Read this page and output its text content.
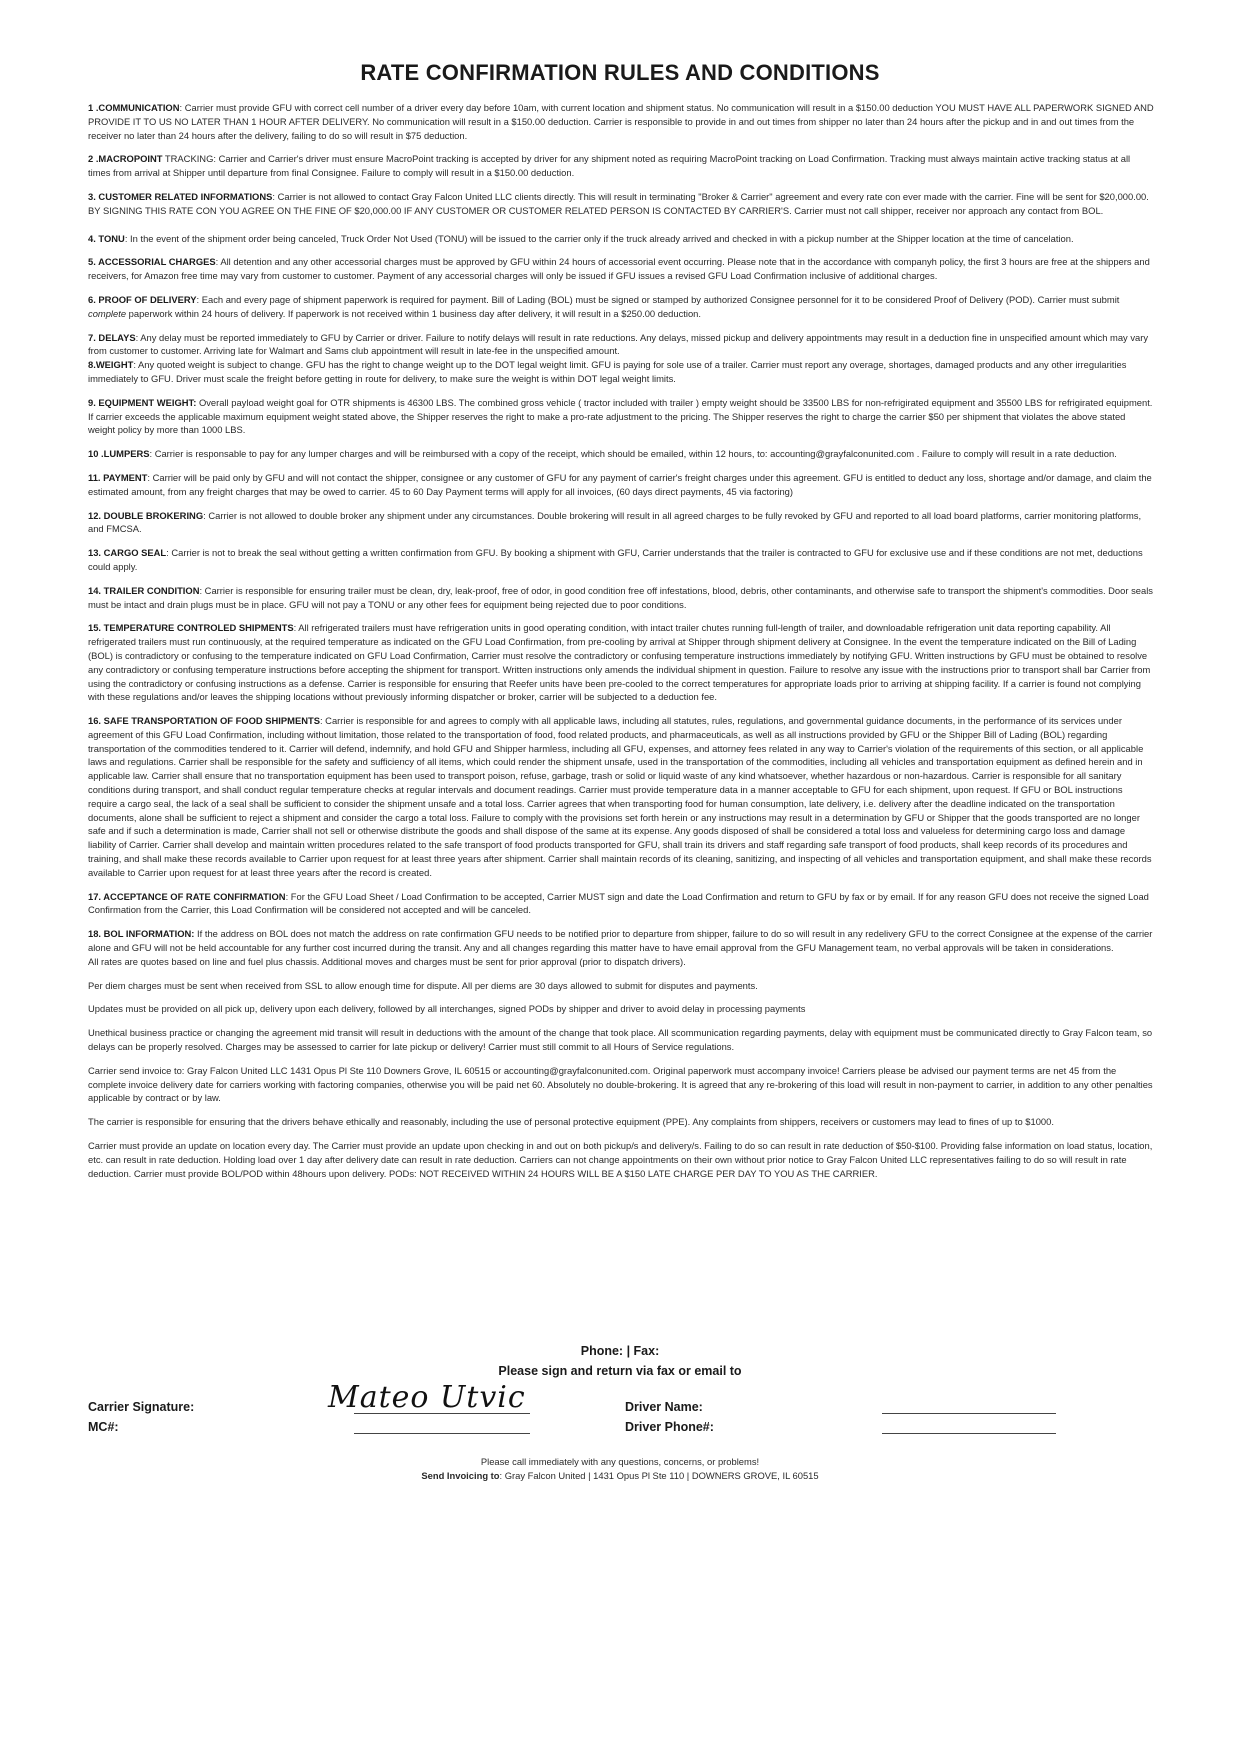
RATE CONFIRMATION RULES AND CONDITIONS

1 .COMMUNICATION: Carrier must provide GFU with correct cell number of a driver every day before 10am, with current location and shipment status. No communication will result in a $150.00 deduction YOU MUST HAVE ALL PAPERWORK SIGNED AND PROVIDE IT TO US NO LATER THAN 1 HOUR AFTER DELIVERY. No communication will result in a $150.00 deduction. Carrier is responsible to provide in and out times from shipper no later than 24 hours after the pickup and in and out times from the receiver no later than 24 hours after the delivery, failing to do so will result in $75 deduction.

2 .MACROPOINT TRACKING: Carrier and Carrier's driver must ensure MacroPoint tracking is accepted by driver for any shipment noted as requiring MacroPoint tracking on Load Confirmation. Tracking must always maintain active tracking status at all times from arrival at Shipper until departure from final Consignee. Failure to comply will result in a $150.00 deduction.

3. CUSTOMER RELATED INFORMATIONS: Carrier is not allowed to contact Gray Falcon United LLC clients directly. This will result in terminating "Broker & Carrier" agreement and every rate con ever made with the carrier. Fine will be sent for $20,000.00. BY SIGNING THIS RATE CON YOU AGREE ON THE FINE OF $20,000.00 IF ANY CUSTOMER OR CUSTOMER RELATED PERSON IS CONTACTED BY CARRIER'S. Carrier must not call shipper, receiver nor approach any contact from BOL.

4. TONU: In the event of the shipment order being canceled, Truck Order Not Used (TONU) will be issued to the carrier only if the truck already arrived and checked in with a pickup number at the Shipper location at the time of cancelation.

5. ACCESSORIAL CHARGES: All detention and any other accessorial charges must be approved by GFU within 24 hours of accessorial event occurring. Please note that in the accordance with companyh policy, the first 3 hours are free at the shippers and receivers, for Amazon free time may vary from customer to customer. Payment of any accessorial charges will only be issued if GFU issues a revised GFU Load Confirmation inclusive of additional charges.

6. PROOF OF DELIVERY: Each and every page of shipment paperwork is required for payment. Bill of Lading (BOL) must be signed or stamped by authorized Consignee personnel for it to be considered Proof of Delivery (POD). Carrier must submit complete paperwork within 24 hours of delivery. If paperwork is not received within 1 business day after delivery, it will result in a $250.00 deduction.

7. DELAYS: Any delay must be reported immediately to GFU by Carrier or driver. Failure to notify delays will result in rate reductions. Any delays, missed pickup and delivery appointments may result in a deduction fine in unspecified amount which may vary from customer to customer. Arriving late for Walmart and Sams club appointment will result in late-fee in the unspecified amount.

8.WEIGHT: Any quoted weight is subject to change. GFU has the right to change weight up to the DOT legal weight limit. GFU is paying for sole use of a trailer. Carrier must report any overage, shortages, damaged products and any other irregularities immediately to GFU. Driver must scale the freight before getting in route for delivery, to make sure the weight is within DOT legal weight limits.

9. EQUIPMENT WEIGHT: Overall payload weight goal for OTR shipments is 46300 LBS. The combined gross vehicle ( tractor included with trailer ) empty weight should be 33500 LBS for non-refrigirated equipment and 35500 LBS for refrigirated equipment. If carrier exceeds the applicable maximum equipment weight stated above, the Shipper reserves the right to make a pro-rate adjustment to the pricing. The Shipper reserves the right to charge the carrier $50 per shipment that violates the above stated weight policy by more than 1000 LBS.

10 .LUMPERS: Carrier is responsable to pay for any lumper charges and will be reimbursed with a copy of the receipt, which should be emailed, within 12 hours, to: accounting@grayfalconunited.com . Failure to comply will result in a rate deduction.

11. PAYMENT: Carrier will be paid only by GFU and will not contact the shipper, consignee or any customer of GFU for any payment of carrier's freight charges under this agreement. GFU is entitled to deduct any loss, shortage and/or damage, and claim the estimated amount, from any freight charges that may be owed to carrier. 45 to 60 Day Payment terms will apply for all invoices, (60 days direct payments, 45 via factoring)

12. DOUBLE BROKERING: Carrier is not allowed to double broker any shipment under any circumstances. Double brokering will result in all agreed charges to be fully revoked by GFU and reported to all load board platforms, carrier monitoring platforms, and FMCSA.

13. CARGO SEAL: Carrier is not to break the seal without getting a written confirmation from GFU. By booking a shipment with GFU, Carrier understands that the trailer is contracted to GFU for exclusive use and if these conditions are not met, deductions could apply.

14. TRAILER CONDITION: Carrier is responsible for ensuring trailer must be clean, dry, leak-proof, free of odor, in good condition free off infestations, blood, debris, other contaminants, and otherwise safe to transport the shipment's commodities. Door seals must be intact and drain plugs must be in place. GFU will not pay a TONU or any other fees for equipment being rejected due to poor conditions.

15. TEMPERATURE CONTROLED SHIPMENTS: All refrigerated trailers must have refrigeration units in good operating condition, with intact trailer chutes running full-length of trailer, and downloadable refrigeration unit data reporting capability. All refrigerated trailers must run continuously, at the required temperature as indicated on the GFU Load Confirmation, from pre-cooling by arrival at Shipper through shipment delivery at Consignee. In the event the temperature indicated on the Bill of Lading (BOL) is contradictory or confusing to the temperature indicated on GFU Load Confirmation, Carrier must resolve the contradictory or confusing temperature instructions immediately by notifying GFU. Written instructions by GFU must be obtained to resolve any contradictory or confusing temperature instructions before accepting the shipment for transport. Written instructions only amends the individual shipment in question. Failure to resolve any issue with the instructions prior to transport shall bar Carrier from using the contradictory or confusing instructions as a defense. Carrier is responsible for ensuring that Reefer units have been pre-cooled to the correct temperatures for appropriate loads prior to arriving at shipping facility. If a carrier is found not complying with these regulations and/or leaves the shipping locations without previously informing dispatcher or broker, carrier will be subjected to a deduction fee.

16. SAFE TRANSPORTATION OF FOOD SHIPMENTS: Carrier is responsible for and agrees to comply with all applicable laws, including all statutes, rules, regulations, and governmental guidance documents, in the performance of its services under agreement of this GFU Load Confirmation, including without limitation, those related to the transportation of food, food related products, and pharmaceuticals, as well as all instructions provided by GFU or the Shipper Bill of Lading (BOL) regarding transportation of the commodities tendered to it. Carrier will defend, indemnify, and hold GFU and Shipper harmless, including all GFU, expenses, and attorney fees related in any way to Carrier's violation of the requirements of this section, or all applicable laws and regulations. Carrier shall be responsible for the safety and sufficiency of all items, which could render the shipment unsafe, used in the transportation of the commodities, including all vehicles and transportation equipment as defined herein and in applicable law. Carrier shall ensure that no transportation equipment has been used to transport poison, refuse, garbage, trash or solid or liquid waste of any kind whatsoever, whether hazardous or non-hazardous. Carrier is responsible for all sanitary conditions during transport, and shall conduct regular temperature checks at regular intervals and document readings. Carrier must provide temperature data in a manner acceptable to GFU for each shipment, upon request. If GFU or BOL instructions require a cargo seal, the lack of a seal shall be sufficient to consider the shipment unsafe and a total loss. Carrier agrees that when transporting food for human consumption, late delivery, i.e. delivery after the deadline indicated on the transportation documents, alone shall be sufficient to reject a shipment and consider the cargo a total loss. Failure to comply with the provisions set forth herein or any instructions may result in a determination by GFU or Shipper that the goods transported are no longer safe and if such a determination is made, Carrier shall not sell or otherwise distribute the goods and shall dispose of the same at its expense. Any goods disposed of shall be considered a total loss and valueless for determining cargo loss and damage liability of Carrier. Carrier shall develop and maintain written procedures related to the safe transport of food products transported for GFU, shall train its drivers and staff regarding safe transport of food products, shall keep records of its procedures and training, and shall make these records available to Carrier upon request for at least three years after shipment. Carrier shall maintain records of its cleaning, sanitizing, and inspecting of all vehicles and transportation equipment, and shall make these records available to Carrier upon request for at least three years after the record is created.

17. ACCEPTANCE OF RATE CONFIRMATION: For the GFU Load Sheet / Load Confirmation to be accepted, Carrier MUST sign and date the Load Confirmation and return to GFU by fax or by email. If for any reason GFU does not receive the signed Load Confirmation from the Carrier, this Load Confirmation will be considered not accepted and will be canceled.

18. BOL INFORMATION: If the address on BOL does not match the address on rate confirmation GFU needs to be notified prior to departure from shipper, failure to do so will result in any redelivery GFU to the correct Consignee at the expense of the carrier alone and GFU will not be held accountable for any further cost incurred during the transit. Any and all changes regarding this matter have to have email approval from the GFU Management team, no verbal approvals will be taken in considerations.

All rates are quotes based on line and fuel plus chassis. Additional moves and charges must be sent for prior approval (prior to dispatch drivers).

Per diem charges must be sent when received from SSL to allow enough time for dispute. All per diems are 30 days allowed to submit for disputes and payments.

Updates must be provided on all pick up, delivery upon each delivery, followed by all interchanges, signed PODs by shipper and driver to avoid delay in processing payments

Unethical business practice or changing the agreement mid transit will result in deductions with the amount of the change that took place. All scommunication regarding payments, delay with equipment must be communicated directly to Gray Falcon team, so delays can be properly resolved. Charges may be assessed to carrier for late pickup or delivery! Carrier must still commit to all Hours of Service regulations.

Carrier send invoice to: Gray Falcon United LLC 1431 Opus Pl Ste 110 Downers Grove, IL 60515 or accounting@grayfalconunited.com. Original paperwork must accompany invoice! Carriers please be advised our payment terms are net 45 from the complete invoice delivery date for carriers working with factoring companies, otherwise you will be paid net 60. Absolutely no double-brokering. It is agreed that any re-brokering of this load will result in non-payment to carrier, in addition to any other penalties applicable by contract or by law.

The carrier is responsible for ensuring that the drivers behave ethically and reasonably, including the use of personal protective equipment (PPE). Any complaints from shippers, receivers or customers may lead to fines of up to $1000.

Carrier must provide an update on location every day. The Carrier must provide an update upon checking in and out on both pickup/s and delivery/s. Failing to do so can result in rate deduction of $50-$100. Providing false information on load status, location, etc. can result in rate deduction. Holding load over 1 day after delivery date can result in rate deduction. Carriers can not change appointments on their own without prior notice to Gray Falcon United LLC representatives failing to do so will result in rate deduction. Carrier must provide BOL/POD within 48hours upon delivery. PODs: NOT RECEIVED WITHIN 24 HOURS WILL BE A $150 LATE CHARGE PER DAY TO YOU AS THE CARRIER.

Phone: | Fax:
Please sign and return via fax or email to
Carrier Signature:	Mateo Utvic
MC#:
Driver Name:
Driver Phone#:
Please call immediately with any questions, concerns, or problems!
Send Invoicing to: Gray Falcon United | 1431 Opus Pl Ste 110 | DOWNERS GROVE, IL 60515
